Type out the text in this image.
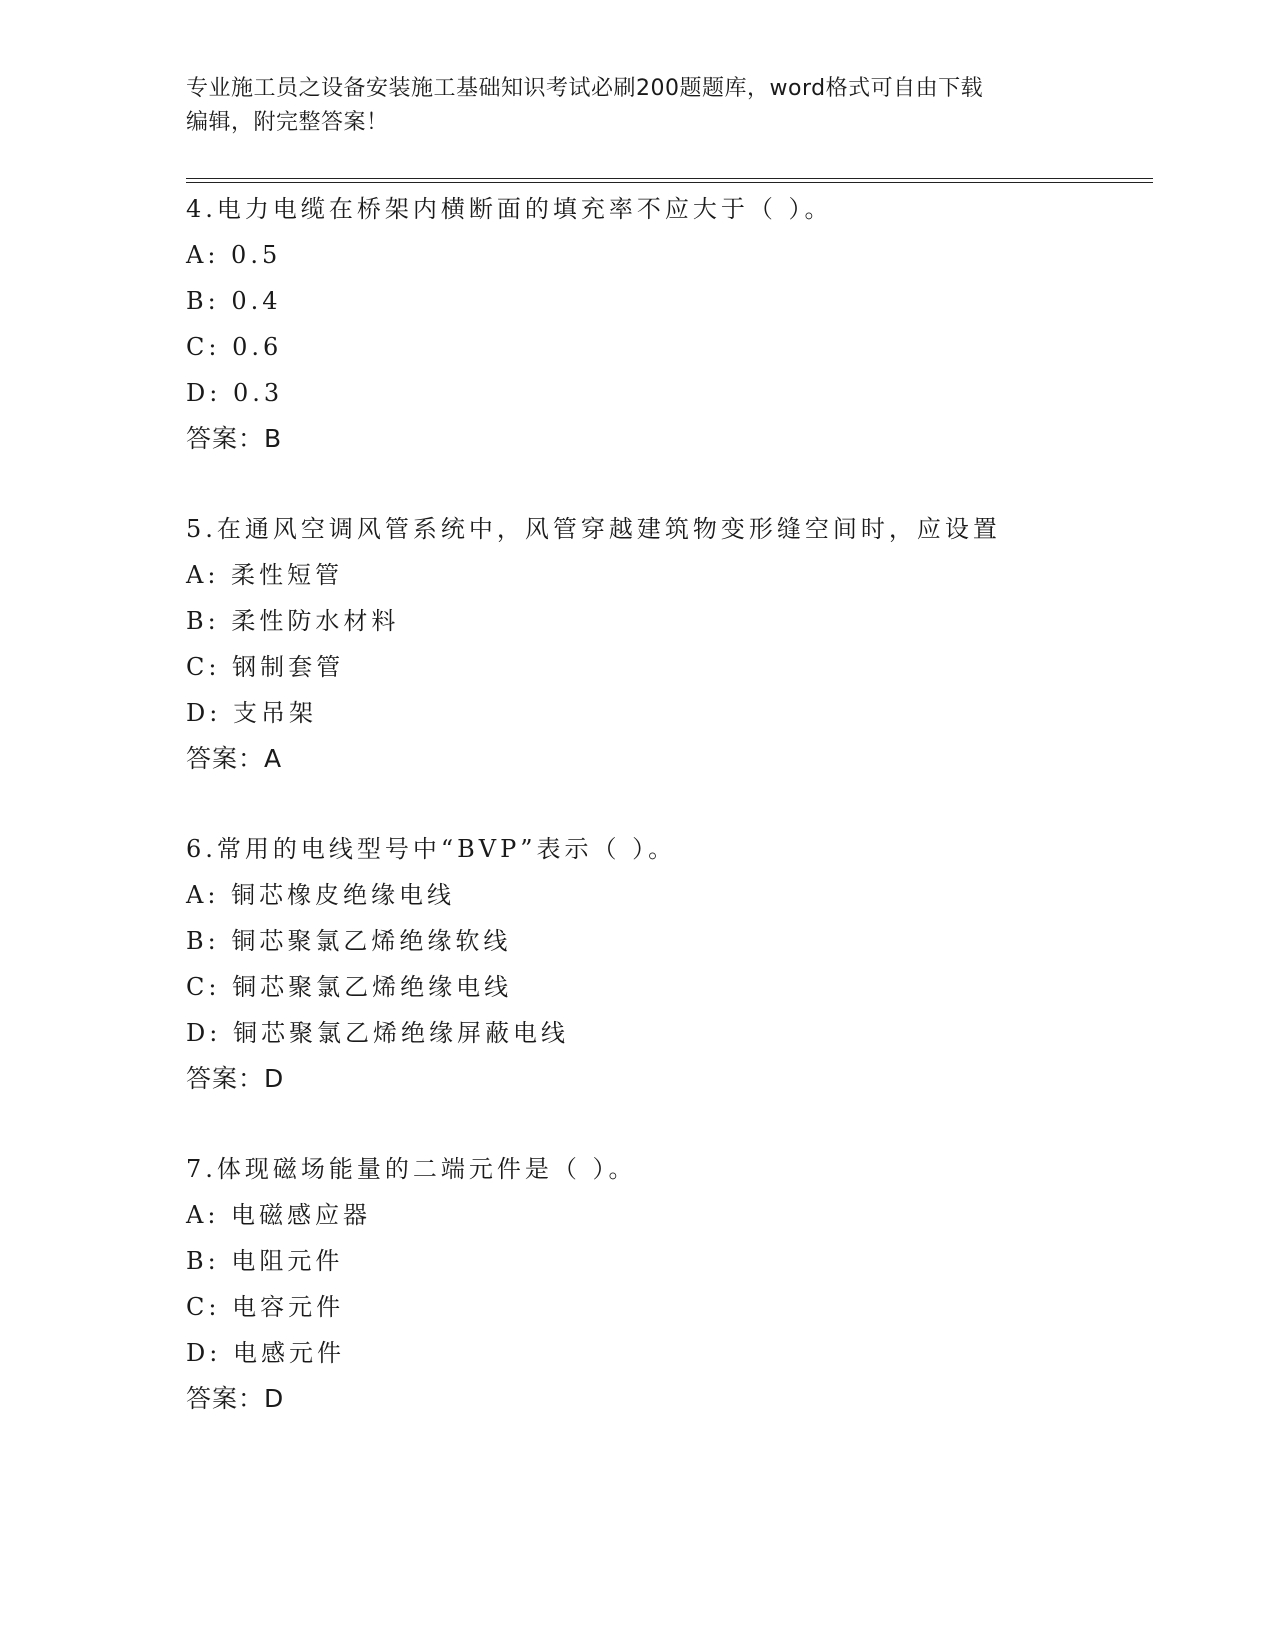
专业施工员之设备安装施工基础知识考试必刷200题题库，word格式可自由下载
编辑，附完整答案！
4.电力电缆在桥架内横断面的填充率不应大于（ ）。
A: 0.5
B: 0.4
C: 0.6
D: 0.3
答案：B
5.在通风空调风管系统中，风管穿越建筑物变形缝空间时，应设置
A: 柔性短管
B: 柔性防水材料
C: 钢制套管
D: 支吊架
答案：A
6.常用的电线型号中“BVP”表示（ ）。
A: 铜芯橡皮绝缘电线
B: 铜芯聚氯乙烯绝缘软线
C: 铜芯聚氯乙烯绝缘电线
D: 铜芯聚氯乙烯绝缘屏蔽电线
答案：D
7.体现磁场能量的二端元件是（ ）。
A: 电磁感应器
B: 电阻元件
C: 电容元件
D: 电感元件
答案：D
